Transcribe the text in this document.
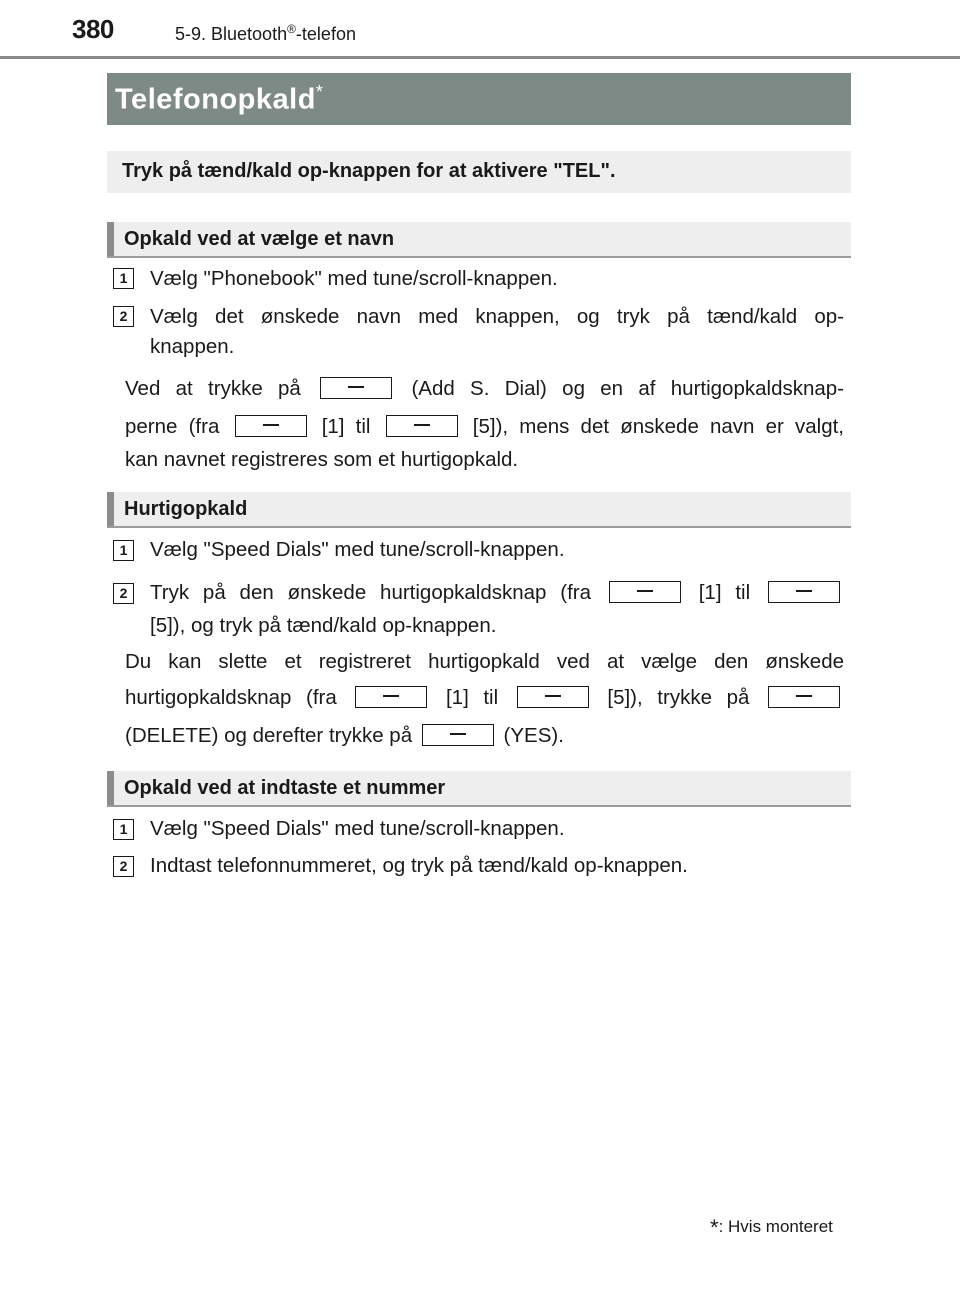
380	5-9. Bluetooth®-telefon
Telefonopkald*
Tryk på tænd/kald op-knappen for at aktivere "TEL".
Opkald ved at vælge et navn
1	Vælg "Phonebook" med tune/scroll-knappen.
2	Vælg det ønskede navn med knappen, og tryk på tænd/kald op-
knappen.
Ved at trykke på	(Add S. Dial) og en af hurtigopkaldsknap-
perne (fra	[1] til	[5]), mens det ønskede navn er valgt,
kan navnet registreres som et hurtigopkald.
Hurtigopkald
1	Vælg "Speed Dials" med tune/scroll-knappen.
2	Tryk på den ønskede hurtigopkaldsknap (fra	[1] til
[5]), og tryk på tænd/kald op-knappen.
Du kan slette et registreret hurtigopkald ved at vælge den ønskede
hurtigopkaldsknap (fra	[1] til	[5]), trykke på
(DELETE) og derefter trykke på	(YES).
Opkald ved at indtaste et nummer
1	Vælg "Speed Dials" med tune/scroll-knappen.
2	Indtast telefonnummeret, og tryk på tænd/kald op-knappen.
*: Hvis monteret
